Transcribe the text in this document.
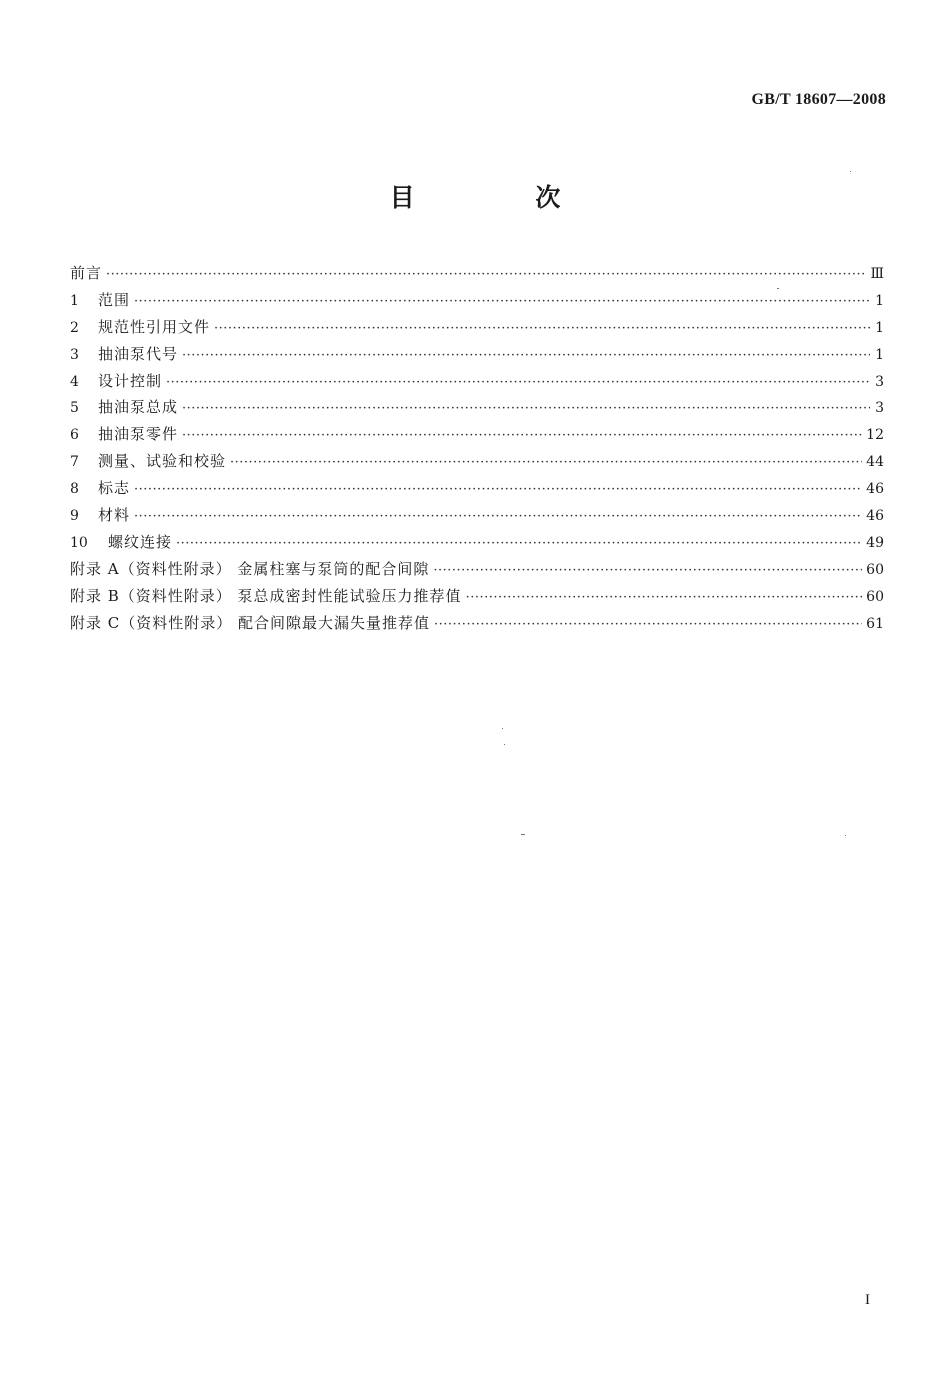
GB/T 18607—2008
目 次
前言 ·····	Ⅲ
1	范围 ·····	1
2	规范性引用文件 ·····	1
3	抽油泵代号 ·····	1
4	设计控制 ·····	3
5	抽油泵总成 ·····	3
6	抽油泵零件 ·····	12
7	测量、试验和校验 ·····	44
8	标志 ·····	46
9	材料 ·····	46
10	螺纹连接 ·····	49
附录 A（资料性附录） 金属柱塞与泵筒的配合间隙 ·····	60
附录 B（资料性附录） 泵总成密封性能试验压力推荐值 ·····	60
附录 C（资料性附录） 配合间隙最大漏失量推荐值 ·····	61
I
